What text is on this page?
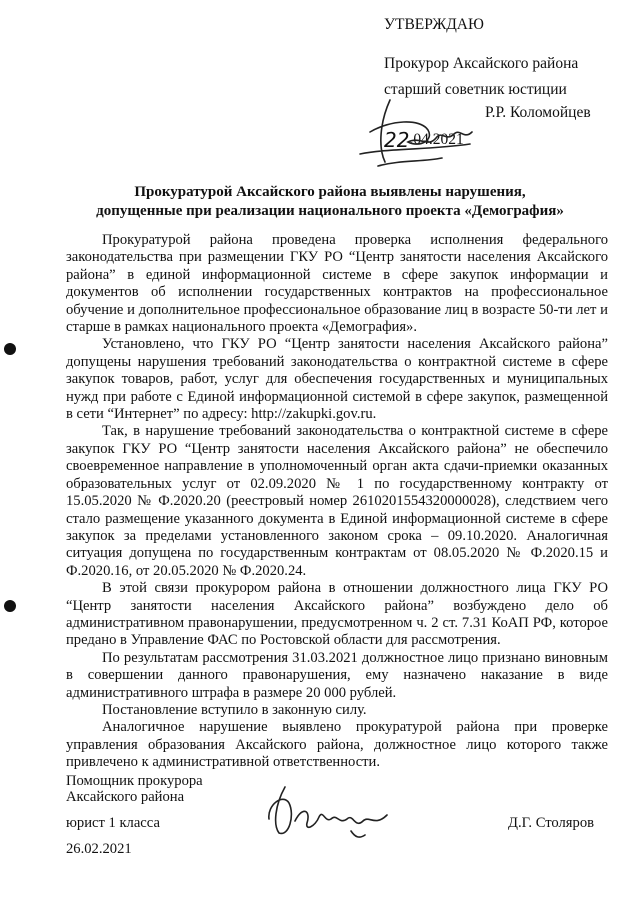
УТВЕРЖДАЮ
Прокурор Аксайского района
старший советник юстиции
Р.Р. Коломойцев
22.04.2021
Прокуратурой Аксайского района выявлены нарушения,
допущенные при реализации национального проекта «Демография»

Прокуратурой района проведена проверка исполнения федерального законодательства при размещении ГКУ РО “Центр занятости населения Аксайского района” в единой информационной системе в сфере закупок информации и документов об исполнении государственных контрактов на профессиональное обучение и дополнительное профессиональное образование лиц в возрасте 50-ти лет и старше в рамках национального проекта «Демография».

Установлено, что ГКУ РО “Центр занятости населения Аксайского района” допущены нарушения требований законодательства о контрактной системе в сфере закупок товаров, работ, услуг для обеспечения государственных и муниципальных нужд при работе с Единой информационной системой в сфере закупок, размещенной в сети “Интернет” по адресу: http://zakupki.gov.ru.

Так, в нарушение требований законодательства о контрактной системе в сфере закупок ГКУ РО “Центр занятости населения Аксайского района” не обеспечило своевременное направление в уполномоченный орган акта сдачи-приемки оказанных образовательных услуг от 02.09.2020 № 1 по государственному контракту от 15.05.2020 № Ф.2020.20 (реестровый номер 2610201554320000028), следствием чего стало размещение указанного документа в Единой информационной системе в сфере закупок за пределами установленного законом срока – 09.10.2020. Аналогичная ситуация допущена по государственным контрактам от 08.05.2020 № Ф.2020.15 и Ф.2020.16, от 20.05.2020 № Ф.2020.24.

В этой связи прокурором района в отношении должностного лица ГКУ РО “Центр занятости населения Аксайского района” возбуждено дело об административном правонарушении, предусмотренном ч. 2 ст. 7.31 КоАП РФ, которое предано в Управление ФАС по Ростовской области для рассмотрения.

По результатам рассмотрения 31.03.2021 должностное лицо признано виновным в совершении данного правонарушения, ему назначено наказание в виде административного штрафа в размере 20 000 рублей.

Постановление вступило в законную силу.

Аналогичное нарушение выявлено прокуратурой района при проверке управления образования Аксайского района, должностное лицо которого также привлечено к административной ответственности.

Помощник прокурора
Аксайского района
юрист 1 класса	Д.Г. Столяров
26.02.2021
